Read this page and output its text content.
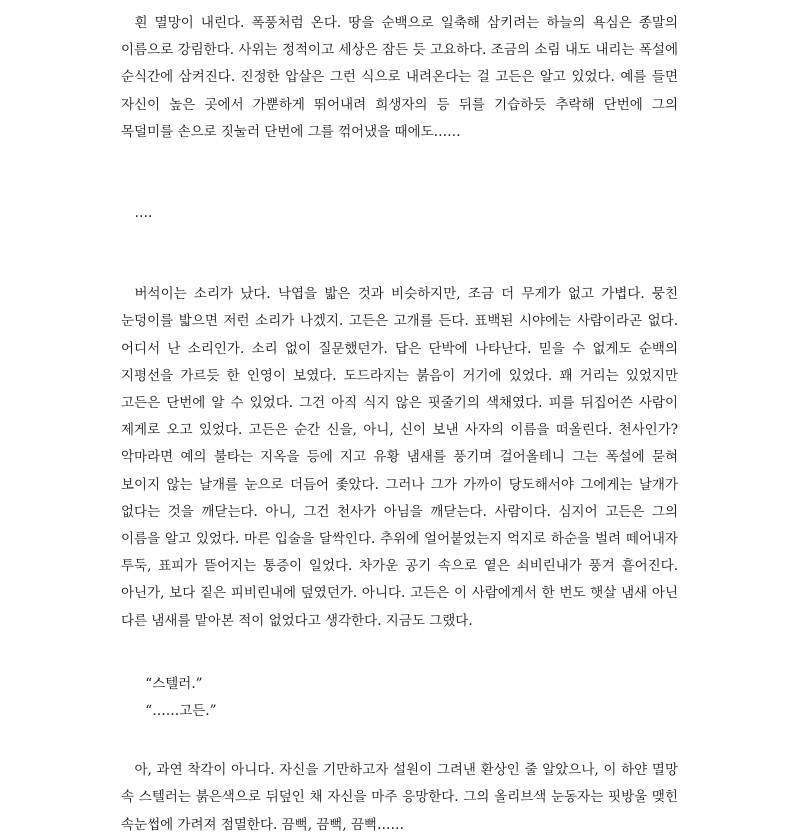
흰 멸망이 내린다. 폭풍처럼 온다. 땅을 순백으로 일축해 삼키려는 하늘의 욕심은 종말의 이름으로 강림한다. 사위는 정적이고 세상은 잠든 듯 고요하다. 조금의 소림 내도 내리는 폭설에 순식간에 삼켜진다. 진정한 압살은 그런 식으로 내려온다는 걸 고든은 알고 있었다. 예를 들면 자신이 높은 곳에서 가뿐하게 뛰어내려 희생자의 등 뒤를 기습하듯 추락해 단번에 그의 목덜미를 손으로 짓눌러 단번에 그를 꺾어냈을 때에도……

….

버석이는 소리가 났다. 낙엽을 밟은 것과 비슷하지만, 조금 더 무게가 없고 가볍다. 뭉친 눈덩이를 밟으면 저런 소리가 나겠지. 고든은 고개를 든다. 표백된 시야에는 사람이라곤 없다. 어디서 난 소리인가. 소리 없이 질문했던가. 답은 단박에 나타난다. 믿을 수 없게도 순백의 지평선을 가르듯 한 인영이 보였다. 도드라지는 붉음이 거기에 있었다. 꽤 거리는 있었지만 고든은 단번에 알 수 있었다. 그건 아직 식지 않은 핏줄기의 색채였다. 피를 뒤집어쓴 사람이 제게로 오고 있었다. 고든은 순간 신을, 아니, 신이 보낸 사자의 이름을 떠올린다. 천사인가? 악마라면 예의 불타는 지옥을 등에 지고 유황 냄새를 풍기며 걸어올테니 그는 폭설에 묻혀 보이지 않는 날개를 눈으로 더듬어 좇았다. 그러나 그가 가까이 당도해서야 그에게는 날개가 없다는 것을 깨닫는다. 아니, 그건 천사가 아님을 깨닫는다. 사람이다. 심지어 고든은 그의 이름을 알고 있었다. 마른 입술을 달싹인다. 추위에 얼어붙었는지 억지로 하순을 벌려 떼어내자 투둑, 표피가 뜯어지는 통증이 일었다. 차가운 공기 속으로 옅은 쇠비린내가 풍겨 흩어진다. 아닌가, 보다 짙은 피비린내에 덮였던가. 아니다. 고든은 이 사람에게서 한 번도 햇살 냄새 아닌 다른 냄새를 맡아본 적이 없었다고 생각한다. 지금도 그랬다.

“스텔러.”

“……고든.”

아, 과연 착각이 아니다. 자신을 기만하고자 설원이 그려낸 환상인 줄 알았으나, 이 하얀 멸망 속 스텔러는 붉은색으로 뒤덮인 채 자신을 마주 응망한다. 그의 올리브색 눈동자는 핏방울 맺힌 속눈썹에 가려져 점멸한다. 끔뻑, 끔뻑, 끔뻑……
